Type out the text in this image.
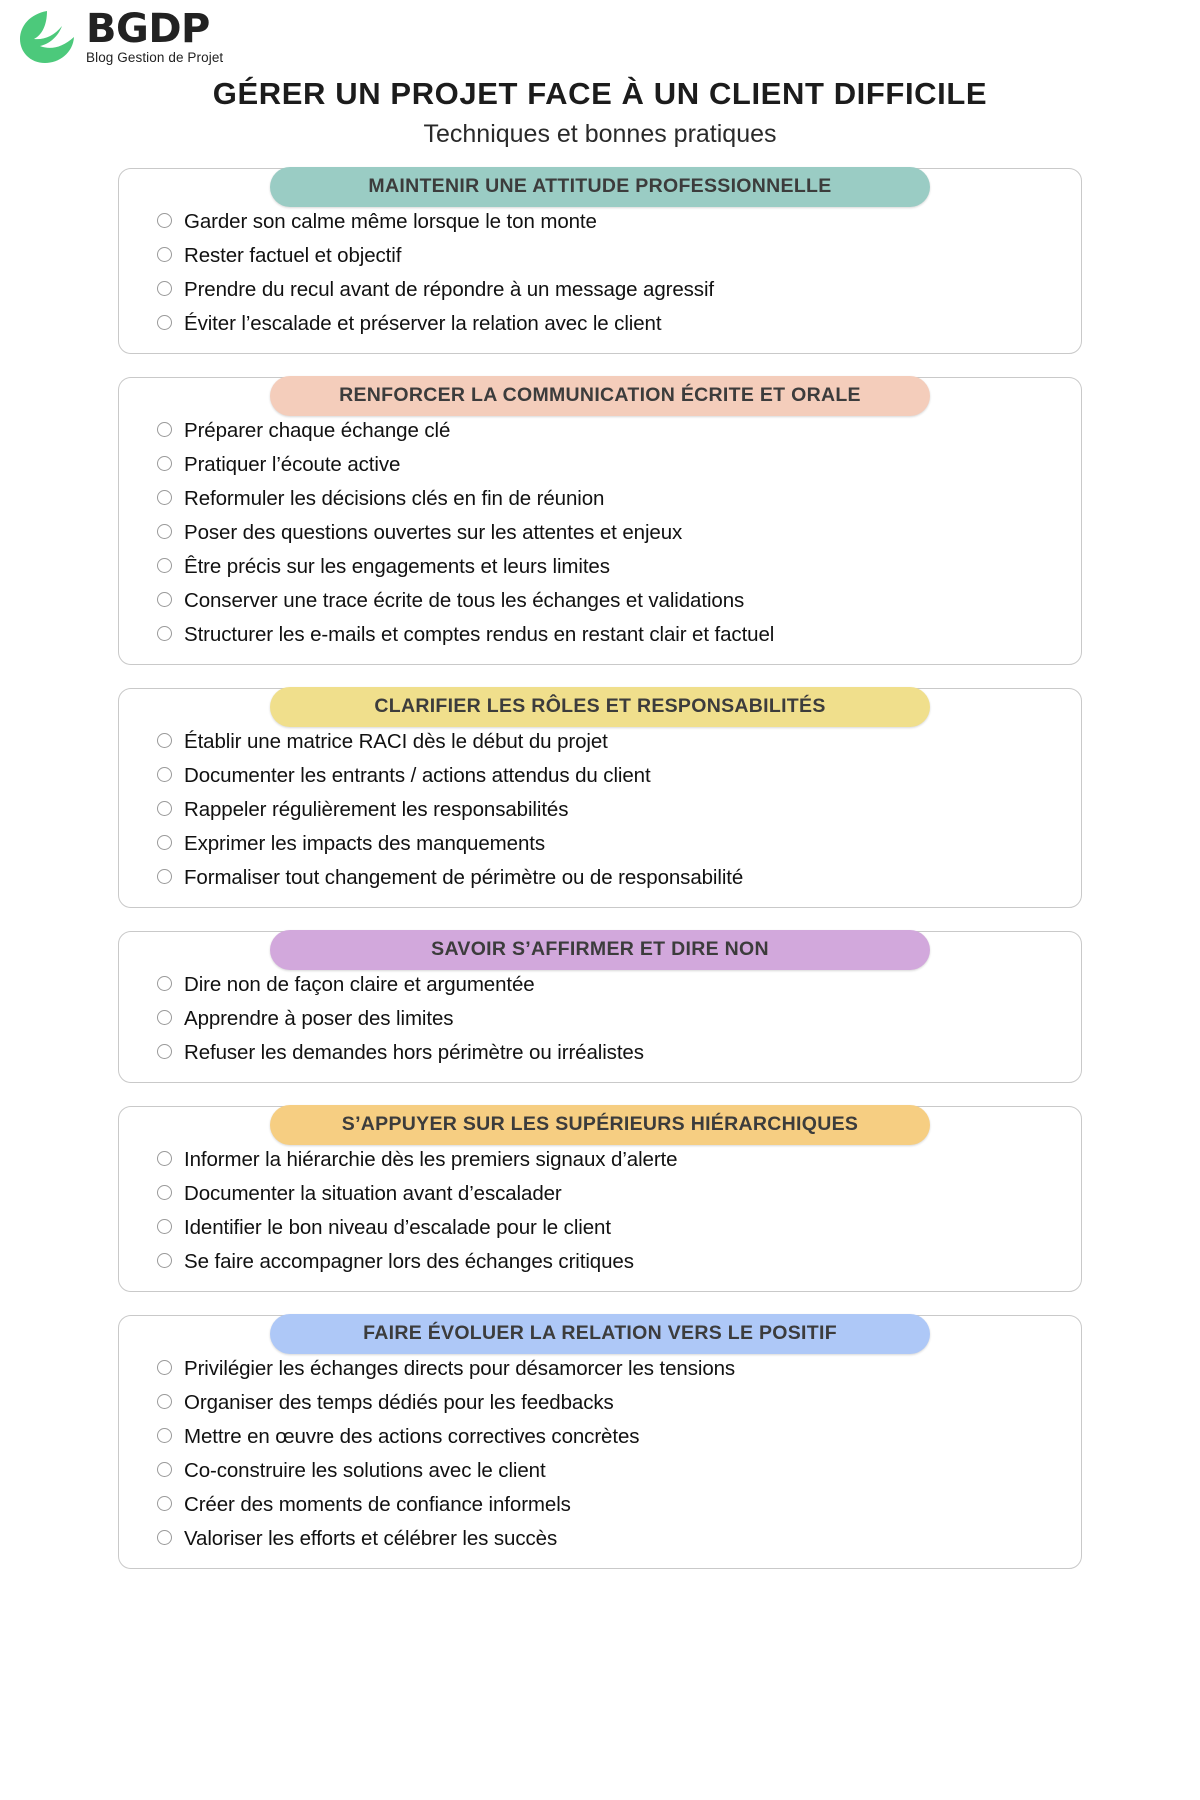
BGDP
Blog Gestion de Projet
GÉRER UN PROJET FACE À UN CLIENT DIFFICILE

Techniques et bonnes pratiques

Garder son calme même lorsque le ton monte
Rester factuel et objectif
Prendre du recul avant de répondre à un message agressif
Éviter l’escalade et préserver la relation avec le client
MAINTENIR UNE ATTITUDE PROFESSIONNELLE
Préparer chaque échange clé
Pratiquer l’écoute active
Reformuler les décisions clés en fin de réunion
Poser des questions ouvertes sur les attentes et enjeux
Être précis sur les engagements et leurs limites
Conserver une trace écrite de tous les échanges et validations
Structurer les e-mails et comptes rendus en restant clair et factuel
RENFORCER LA COMMUNICATION ÉCRITE ET ORALE
Établir une matrice RACI dès le début du projet
Documenter les entrants / actions attendus du client
Rappeler régulièrement les responsabilités
Exprimer les impacts des manquements
Formaliser tout changement de périmètre ou de responsabilité
CLARIFIER LES RÔLES ET RESPONSABILITÉS
Dire non de façon claire et argumentée
Apprendre à poser des limites
Refuser les demandes hors périmètre ou irréalistes
SAVOIR S’AFFIRMER ET DIRE NON
Informer la hiérarchie dès les premiers signaux d’alerte
Documenter la situation avant d’escalader
Identifier le bon niveau d’escalade pour le client
Se faire accompagner lors des échanges critiques
S’APPUYER SUR LES SUPÉRIEURS HIÉRARCHIQUES
Privilégier les échanges directs pour désamorcer les tensions
Organiser des temps dédiés pour les feedbacks
Mettre en œuvre des actions correctives concrètes
Co-construire les solutions avec le client
Créer des moments de confiance informels
Valoriser les efforts et célébrer les succès
FAIRE ÉVOLUER LA RELATION VERS LE POSITIF
